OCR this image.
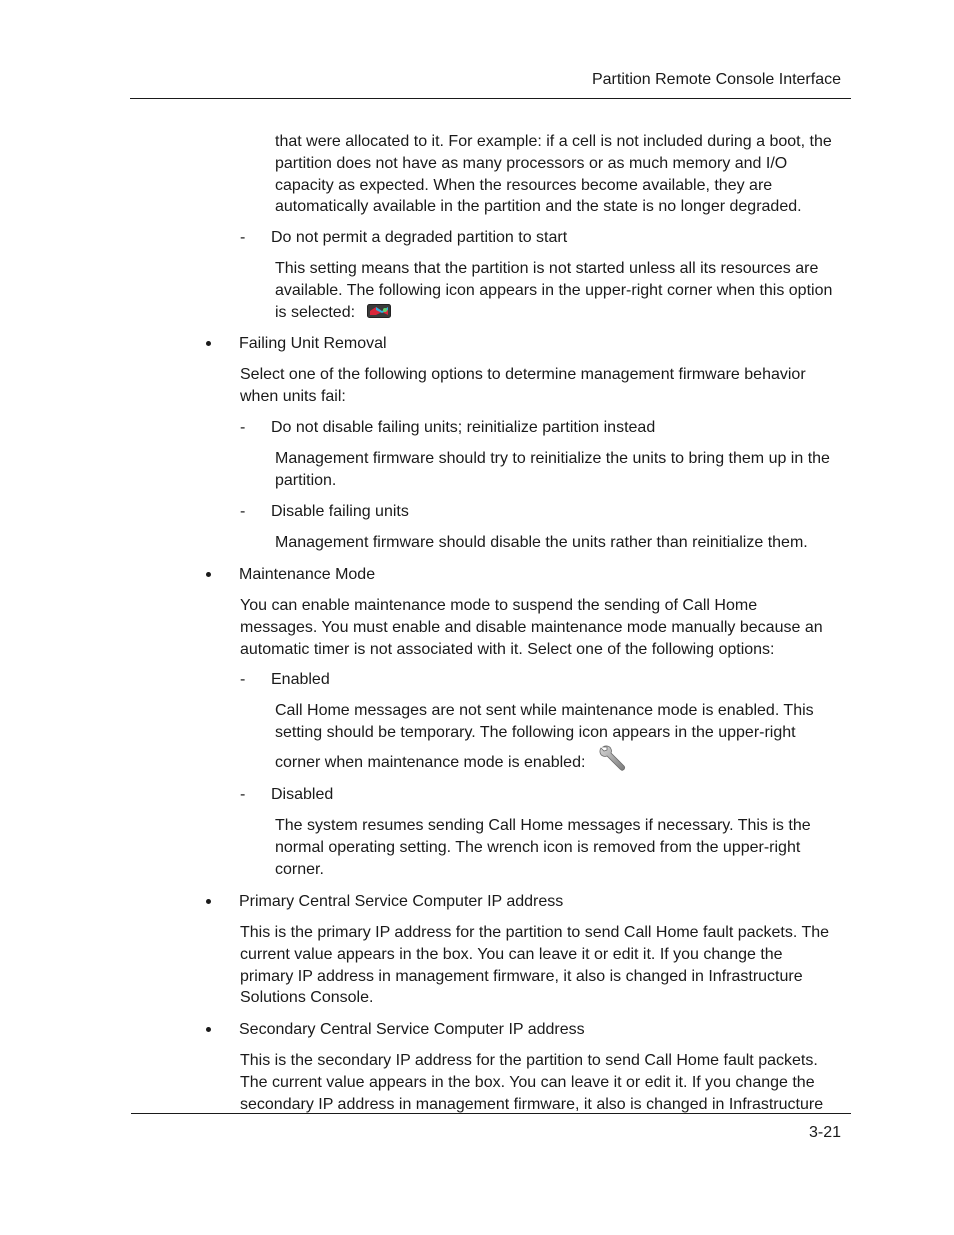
Partition Remote Console Interface
that were allocated to it. For example: if a cell is not included during a boot, the
partition does not have as many processors or as much memory and I/O
capacity as expected. When the resources become available, they are
automatically available in the partition and the state is no longer degraded.
- Do not permit a degraded partition to start
This setting means that the partition is not started unless all its resources are
available. The following icon appears in the upper-right corner when this option
is selected:
Failing Unit Removal
Select one of the following options to determine management firmware behavior
when units fail:
- Do not disable failing units; reinitialize partition instead
Management firmware should try to reinitialize the units to bring them up in the
partition.
- Disable failing units
Management firmware should disable the units rather than reinitialize them.
Maintenance Mode
You can enable maintenance mode to suspend the sending of Call Home
messages. You must enable and disable maintenance mode manually because an
automatic timer is not associated with it. Select one of the following options:
- Enabled
Call Home messages are not sent while maintenance mode is enabled. This
setting should be temporary. The following icon appears in the upper-right
corner when maintenance mode is enabled:
- Disabled
The system resumes sending Call Home messages if necessary. This is the
normal operating setting. The wrench icon is removed from the upper-right
corner.
Primary Central Service Computer IP address
This is the primary IP address for the partition to send Call Home fault packets. The
current value appears in the box. You can leave it or edit it. If you change the
primary IP address in management firmware, it also is changed in Infrastructure
Solutions Console.
Secondary Central Service Computer IP address
This is the secondary IP address for the partition to send Call Home fault packets.
The current value appears in the box. You can leave it or edit it. If you change the
secondary IP address in management firmware, it also is changed in Infrastructure
3-21
